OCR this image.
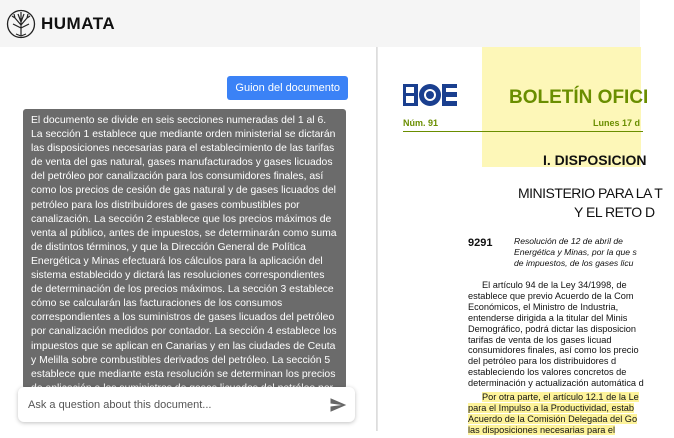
HUMATA
Guion del documento
El documento se divide en seis secciones numeradas del 1 al 6. La sección 1 establece que mediante orden ministerial se dictarán las disposiciones necesarias para el establecimiento de las tarifas de venta del gas natural, gases manufacturados y gases licuados del petróleo por canalización para los consumidores finales, así como los precios de cesión de gas natural y de gases licuados del petróleo para los distribuidores de gases combustibles por canalización. La sección 2 establece que los precios máximos de venta al público, antes de impuestos, se determinarán como suma de distintos términos, y que la Dirección General de Política Energética y Minas efectuará los cálculos para la aplicación del sistema establecido y dictará las resoluciones correspondientes de determinación de los precios máximos. La sección 3 establece cómo se calcularán las facturaciones de los consumos correspondientes a los suministros de gases licuados del petróleo por canalización medidos por contador. La sección 4 establece los impuestos que se aplican en Canarias y en las ciudades de Ceuta y Melilla sobre combustibles derivados del petróleo. La sección 5 establece que mediante esta resolución se determinan los precios establece que la resolución será objeto de
Ask a question about this document...
BOLETÍN OFICI
Núm. 91	Lunes 17 d
I. DISPOSICION
MINISTERIO PARA LA T
Y EL RETO D
9291	Resolución de 12 de abril de
Energética y Minas, por la que s
de impuestos, de los gases licu
El artículo 94 de la Ley 34/1998, de
establece que previo Acuerdo de la Com
Económicos, el Ministro de Industria,
entenderse dirigida a la titular del Minis
Demográfico, podrá dictar las disposicion
tarifas de venta de los gases licuad
consumidores finales, así como los precio
del petróleo para los distribuidores d
estableciendo los valores concretos de
determinación y actualización automática d
Por otra parte, el artículo 12.1 de la Le
para el Impulso a la Productividad, estab
Acuerdo de la Comisión Delegada del Go
las disposiciones necesarias para el
